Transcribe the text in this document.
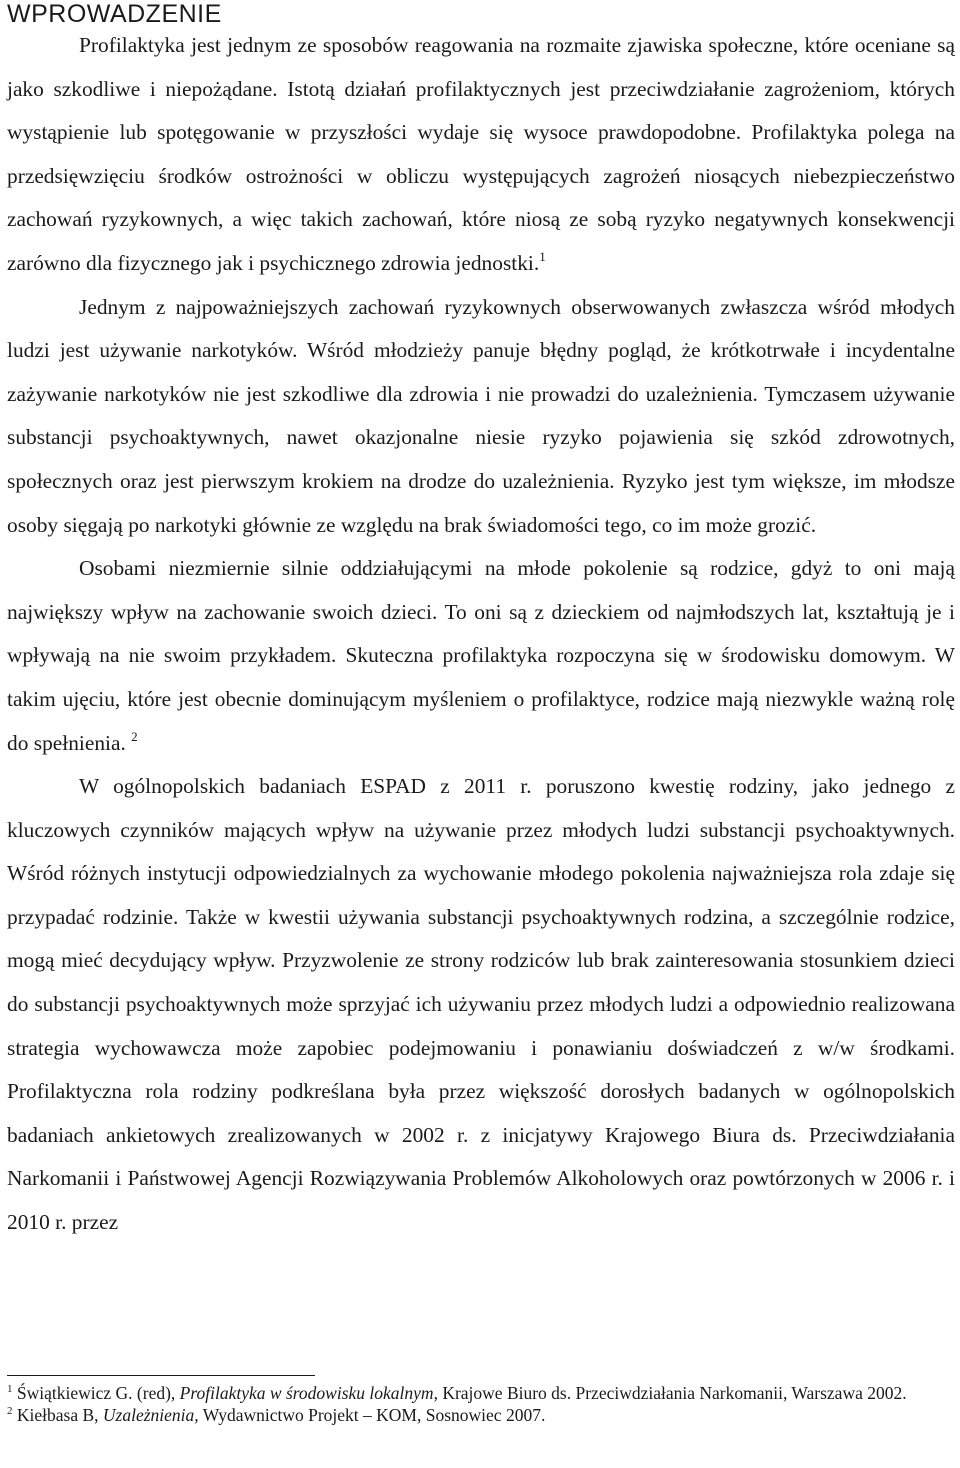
WPROWADZENIE

Profilaktyka jest jednym ze sposobów reagowania na rozmaite zjawiska społeczne, które oceniane są jako szkodliwe i niepożądane. Istotą działań profilaktycznych jest przeciwdziałanie zagrożeniom, których wystąpienie lub spotęgowanie w przyszłości wydaje się wysoce prawdopodobne. Profilaktyka polega na przedsięwzięciu środków ostrożności w obliczu występujących zagrożeń niosących niebezpieczeństwo zachowań ryzykownych, a więc takich zachowań, które niosą ze sobą ryzyko negatywnych konsekwencji zarówno dla fizycznego jak i psychicznego zdrowia jednostki.$^1$

Jednym z najpoważniejszych zachowań ryzykownych obserwowanych zwłaszcza wśród młodych ludzi jest używanie narkotyków. Wśród młodzieży panuje błędny pogląd, że krótkotrwałe i incydentalne zażywanie narkotyków nie jest szkodliwe dla zdrowia i nie prowadzi do uzależnienia. Tymczasem używanie substancji psychoaktywnych, nawet okazjonalne niesie ryzyko pojawienia się szkód zdrowotnych, społecznych oraz jest pierwszym krokiem na drodze do uzależnienia. Ryzyko jest tym większe, im młodsze osoby sięgają po narkotyki głównie ze względu na brak świadomości tego, co im może grozić.

Osobami niezmiernie silnie oddziałującymi na młode pokolenie są rodzice, gdyż to oni mają największy wpływ na zachowanie swoich dzieci. To oni są z dzieckiem od najmłodszych lat, kształtują je i wpływają na nie swoim przykładem. Skuteczna profilaktyka rozpoczyna się w środowisku domowym. W takim ujęciu, które jest obecnie dominującym myśleniem o profilaktyce, rodzice mają niezwykle ważną rolę do spełnienia. $^2$

W ogólnopolskich badaniach ESPAD z 2011 r. poruszono kwestię rodziny, jako jednego z kluczowych czynników mających wpływ na używanie przez młodych ludzi substancji psychoaktywnych. Wśród różnych instytucji odpowiedzialnych za wychowanie młodego pokolenia najważniejsza rola zdaje się przypadać rodzinie. Także w kwestii używania substancji psychoaktywnych rodzina, a szczególnie rodzice, mogą mieć decydujący wpływ. Przyzwolenie ze strony rodziców lub brak zainteresowania stosunkiem dzieci do substancji psychoaktywnych może sprzyjać ich używaniu przez młodych ludzi a odpowiednio realizowana strategia wychowawcza może zapobiec podejmowaniu i ponawianiu doświadczeń z w/w środkami. Profilaktyczna rola rodziny podkreślana była przez większość dorosłych badanych w ogólnopolskich badaniach ankietowych zrealizowanych w 2002 r. z inicjatywy Krajowego Biura ds. Przeciwdziałania Narkomanii i Państwowej Agencji Rozwiązywania Problemów Alkoholowych oraz powtórzonych w 2006 r. i 2010 r. przez

$^1$ Świątkiewicz G. (red), Profilaktyka w środowisku lokalnym, Krajowe Biuro ds. Przeciwdziałania Narkomanii, Warszawa 2002.

$^2$ Kiełbasa B, Uzależnienia, Wydawnictwo Projekt – KOM, Sosnowiec 2007.
